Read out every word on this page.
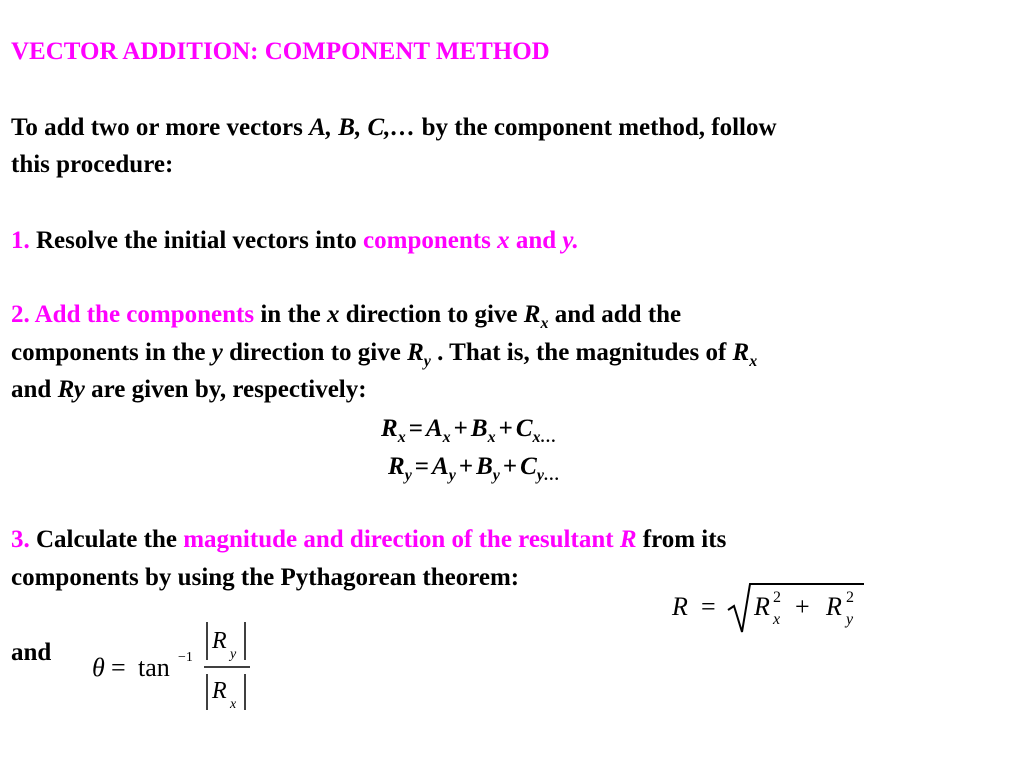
VECTOR ADDITION: COMPONENT METHOD
To add two or more vectors A, B, C,… by the component method, follow
this procedure:
1. Resolve the initial vectors into components x and y.
2. Add the components in the x direction to give $R_x$ and add the
components in the y direction to give $R_y$ . That is, the magnitudes of $R_x$
and Ry are given by, respectively:
$R_x = A_x + B_x + C_{x\dots}$
$R_y = A_y + B_y + C_{y\dots}$
3. Calculate the magnitude and direction of the resultant R from its
components by using the Pythagorean theorem:
R = R 2
x + R 2
y
and
θ = tan −1
R
y
R
x
